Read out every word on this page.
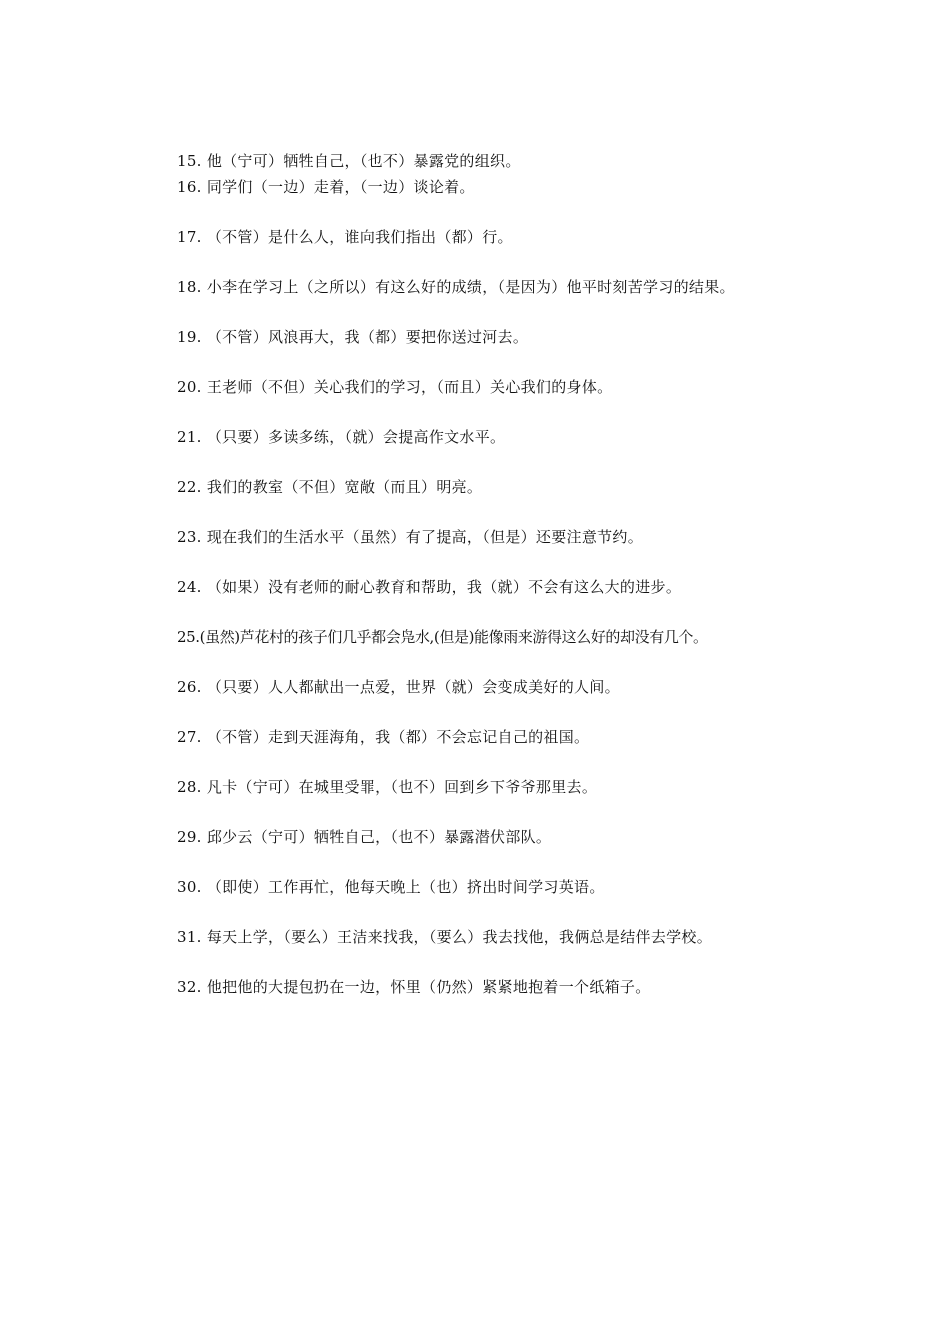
15. 他（宁可）牺牲自己，（也不）暴露党的组织。
16. 同学们（一边）走着，（一边）谈论着。
17. （不管）是什么人，谁向我们指出（都）行。
18. 小李在学习上（之所以）有这么好的成绩，（是因为）他平时刻苦学习的结果。
19. （不管）风浪再大，我（都）要把你送过河去。
20. 王老师（不但）关心我们的学习，（而且）关心我们的身体。
21. （只要）多读多练，（就）会提高作文水平。
22. 我们的教室（不但）宽敞（而且）明亮。
23. 现在我们的生活水平（虽然）有了提高，（但是）还要注意节约。
24. （如果）没有老师的耐心教育和帮助，我（就）不会有这么大的进步。
25.(虽然)芦花村的孩子们几乎都会凫水,(但是)能像雨来游得这么好的却没有几个。
26. （只要）人人都献出一点爱，世界（就）会变成美好的人间。
27. （不管）走到天涯海角，我（都）不会忘记自己的祖国。
28. 凡卡（宁可）在城里受罪，（也不）回到乡下爷爷那里去。
29. 邱少云（宁可）牺牲自己，（也不）暴露潜伏部队。
30. （即使）工作再忙，他每天晚上（也）挤出时间学习英语。
31. 每天上学，（要么）王洁来找我，（要么）我去找他，我俩总是结伴去学校。
32. 他把他的大提包扔在一边，怀里（仍然）紧紧地抱着一个纸箱子。
